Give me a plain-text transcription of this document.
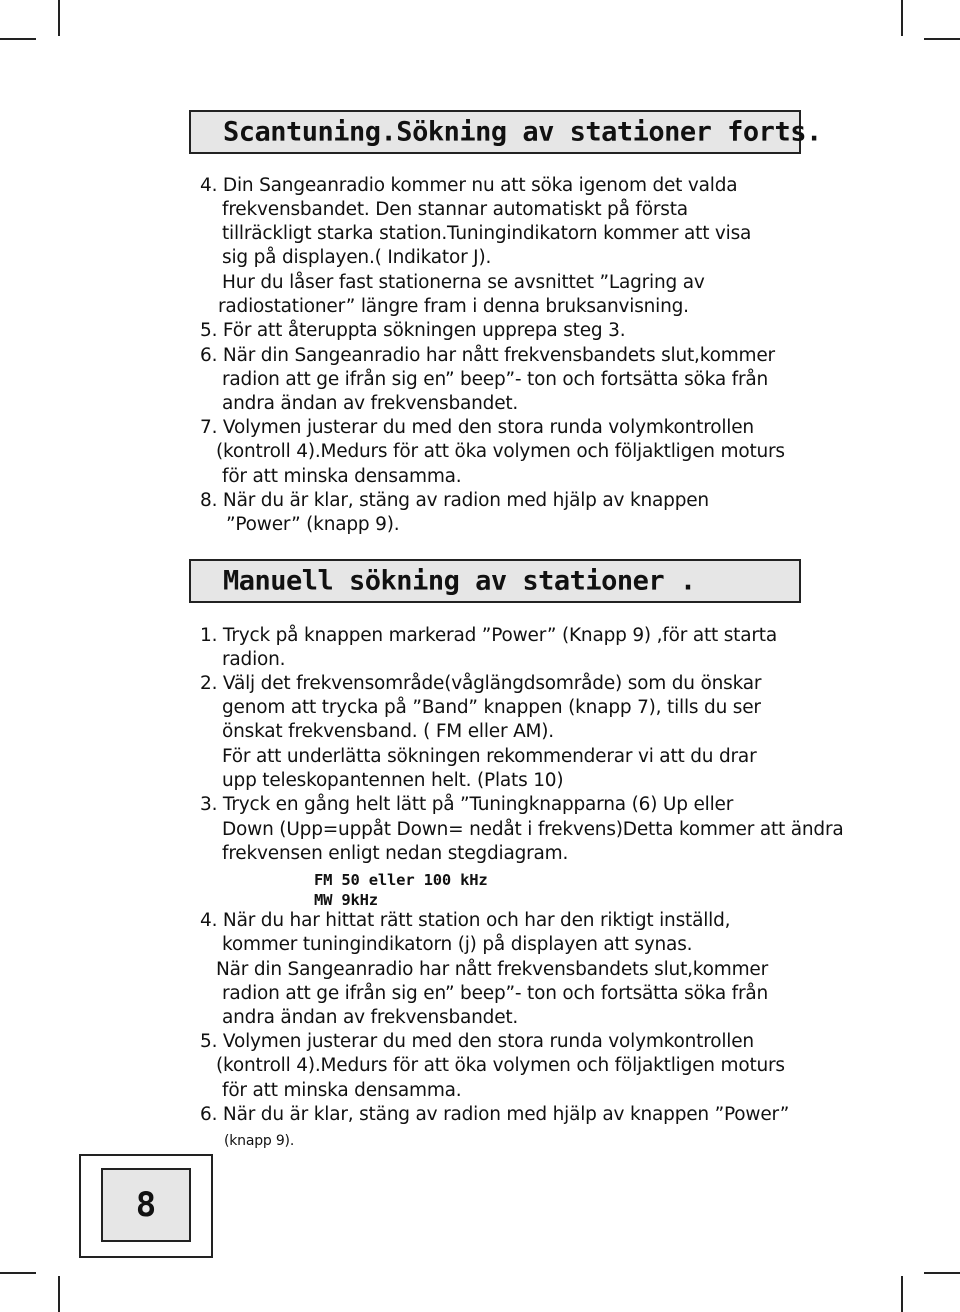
Scantuning.Sökning av stationer forts.
4. Din Sangeanradio kommer nu att söka igenom det valda
frekvensbandet. Den stannar automatiskt på första
tillräckligt starka station.Tuningindikatorn kommer att visa
sig på displayen.( Indikator J).
Hur du låser fast stationerna se avsnittet ”Lagring av
radiostationer” längre fram i denna bruksanvisning.
5. För att återuppta sökningen upprepa steg 3.
6. När din Sangeanradio har nått frekvensbandets slut,kommer
radion att ge ifrån sig en” beep”- ton och fortsätta söka från
andra ändan av frekvensbandet.
7. Volymen justerar du med den stora runda volymkontrollen
(kontroll 4).Medurs för att öka volymen och följaktligen moturs
för att minska densamma.
8. När du är klar, stäng av radion med hjälp av knappen
”Power” (knapp 9).
Manuell sökning av stationer .
1. Tryck på knappen markerad ”Power” (Knapp 9) ,för att starta
radion.
2. Välj det frekvensområde(våglängdsområde) som du önskar
genom att trycka på ”Band” knappen (knapp 7), tills du ser
önskat frekvensband. ( FM eller AM).
För att underlätta sökningen rekommenderar vi att du drar
upp teleskopantennen helt. (Plats 10)
3. Tryck en gång helt lätt på ”Tuningknapparna (6) Up eller
Down (Upp=uppåt Down= nedåt i frekvens)Detta kommer att ändra
frekvensen enligt nedan stegdiagram.
FM 50 eller 100 kHz
MW 9kHz
4. När du har hittat rätt station och har den riktigt inställd,
kommer tuningindikatorn (j) på displayen att synas.
När din Sangeanradio har nått frekvensbandets slut,kommer
radion att ge ifrån sig en” beep”- ton och fortsätta söka från
andra ändan av frekvensbandet.
5. Volymen justerar du med den stora runda volymkontrollen
(kontroll 4).Medurs för att öka volymen och följaktligen moturs
för att minska densamma.
6. När du är klar, stäng av radion med hjälp av knappen ”Power”
(knapp 9).
8
